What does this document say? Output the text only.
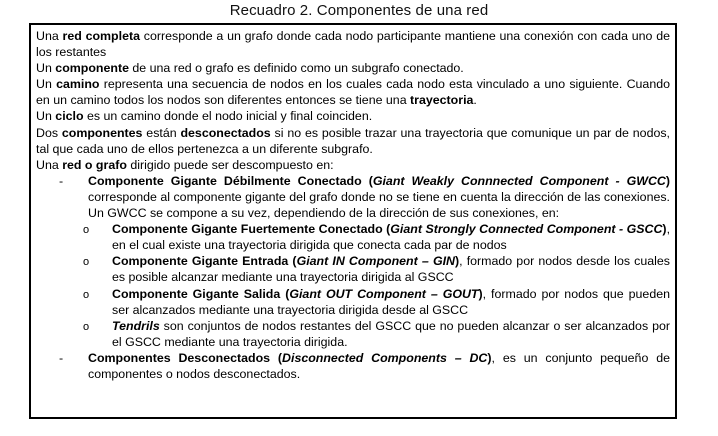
Recuadro 2. Componentes de una red
Una red completa corresponde a un grafo donde cada nodo participante mantiene una conexión con cada uno de los restantes
Un componente de una red o grafo es definido como un subgrafo conectado.
Un camino representa una secuencia de nodos en los cuales cada nodo esta vinculado a uno siguiente. Cuando en un camino todos los nodos son diferentes entonces se tiene una trayectoria.
Un ciclo es un camino donde el nodo inicial y final coinciden.
Dos componentes están desconectados si no es posible trazar una trayectoria que comunique un par de nodos, tal que cada uno de ellos pertenezca a un diferente subgrafo.
Una red o grafo dirigido puede ser descompuesto en:
- Componente Gigante Débilmente Conectado (Giant Weakly Connnected Component - GWCC) corresponde al componente gigante del grafo donde no se tiene en cuenta la dirección de las conexiones. Un GWCC se compone a su vez, dependiendo de la dirección de sus conexiones, en:
o Componente Gigante Fuertemente Conectado (Giant Strongly Connected Component - GSCC), en el cual existe una trayectoria dirigida que conecta cada par de nodos
o Componente Gigante Entrada (Giant IN Component – GIN), formado por nodos desde los cuales es posible alcanzar mediante una trayectoria dirigida al GSCC
o Componente Gigante Salida (Giant OUT Component – GOUT), formado por nodos que pueden ser alcanzados mediante una trayectoria dirigida desde al GSCC
o Tendrils son conjuntos de nodos restantes del GSCC que no pueden alcanzar o ser alcanzados por el GSCC mediante una trayectoria dirigida.
- Componentes Desconectados (Disconnected Components – DC), es un conjunto pequeño de componentes o nodos desconectados.
